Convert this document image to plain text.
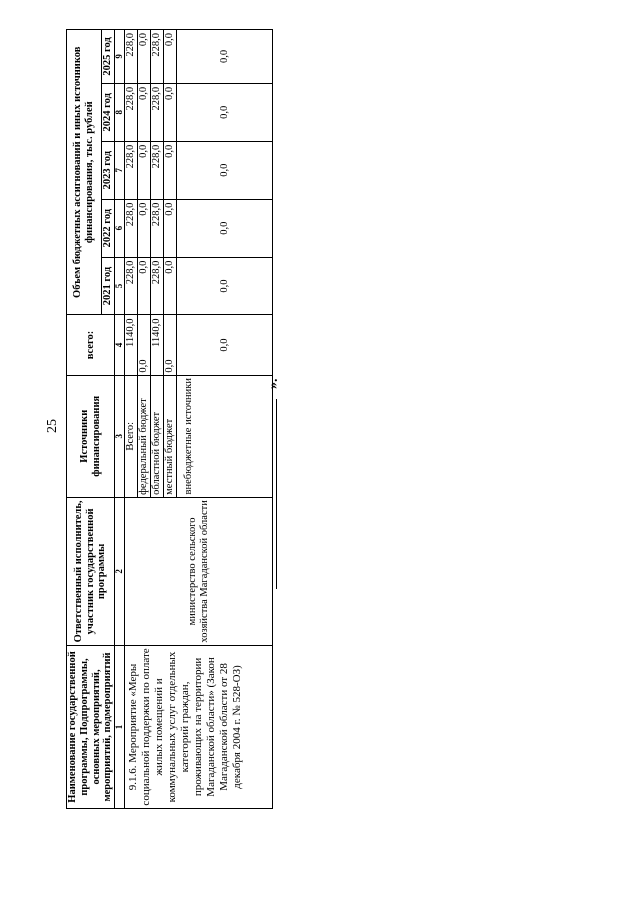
25
Наименование государственной программы, Подпрограммы, основных мероприятий, мероприятий, подмероприятий	Ответственный исполнитель, участник государственной программы	Источники финансирования	всего:	Объем бюджетных ассигнований и иных источников финансирования, тыс. рублей				
				2021 год	2022 год	2023 год	2024 год	2025 год
1	2	3	4	5	6	7	8	9
9.1.6. Мероприятие «Меры социальной поддержки по оплате жилых помещений и коммунальных услуг отдельных категорий граждан, проживающих на территории Магаданской области» (Закон Магаданской области от 28 декабря 2004 г. № 528-ОЗ)	министерство сельского хозяйства Магаданской области	Всего:	1140,0	228,0	228,0	228,0	228,0	228,0
		федеральный бюджет	0,0	0,0	0,0	0,0	0,0	0,0
		областной бюджет	1140,0	228,0	228,0	228,0	228,0	228,0
		местный бюджет	0,0	0,0	0,0	0,0	0,0	0,0
		внебюджетные источники	0,0	0,0	0,0	0,0	0,0	0,0
».
